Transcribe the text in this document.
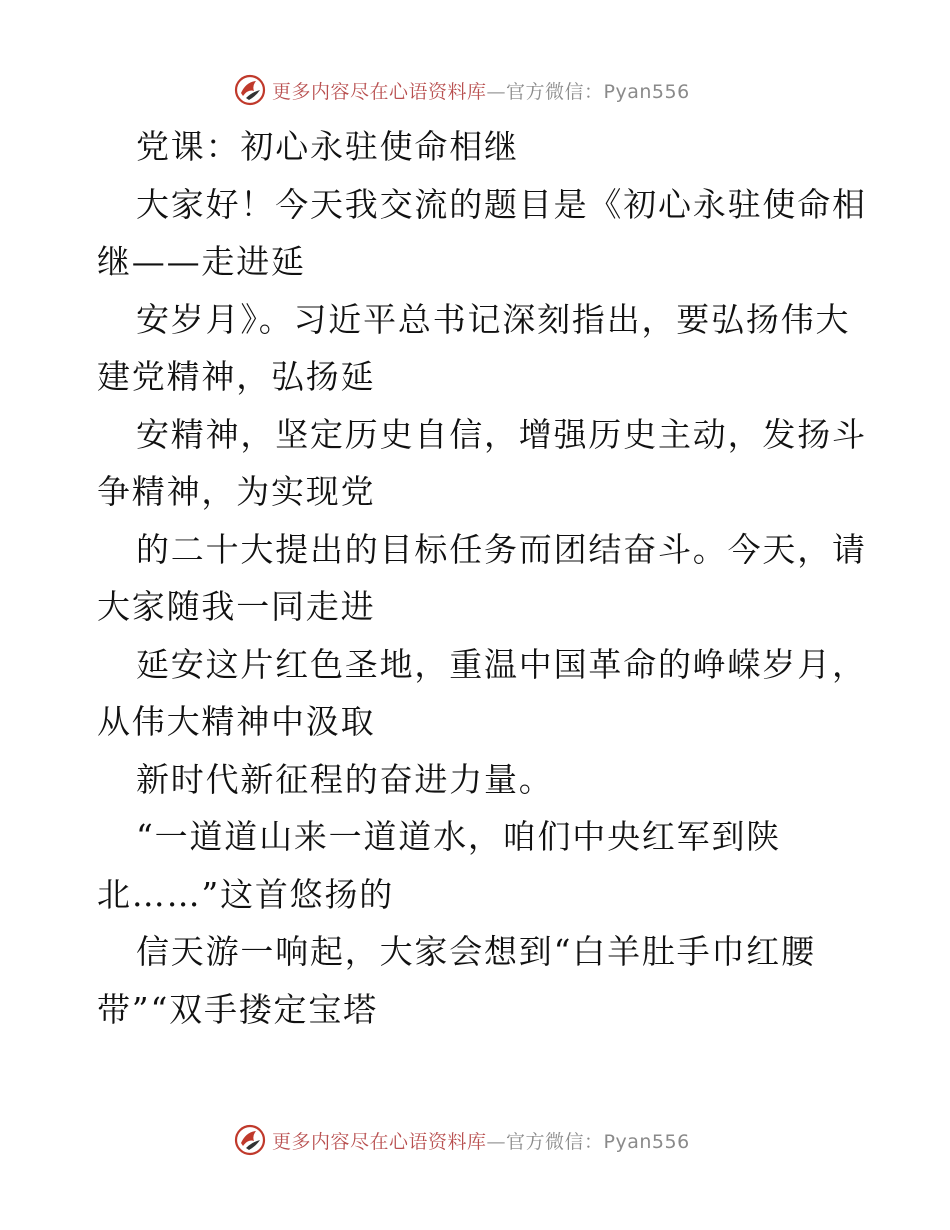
更多内容尽在心语资料库—官方微信：Pyan556
党课：初心永驻使命相继
大家好！今天我交流的题目是《初心永驻使命相
继——走进延
安岁月》。习近平总书记深刻指出，要弘扬伟大
建党精神，弘扬延
安精神，坚定历史自信，增强历史主动，发扬斗
争精神，为实现党
的二十大提出的目标任务而团结奋斗。今天，请
大家随我一同走进
延安这片红色圣地，重温中国革命的峥嵘岁月，
从伟大精神中汲取
新时代新征程的奋进力量。
“一道道山来一道道水，咱们中央红军到陕
北……”这首悠扬的
信天游一响起，大家会想到“白羊肚手巾红腰
带”“双手搂定宝塔
更多内容尽在心语资料库—官方微信：Pyan556
